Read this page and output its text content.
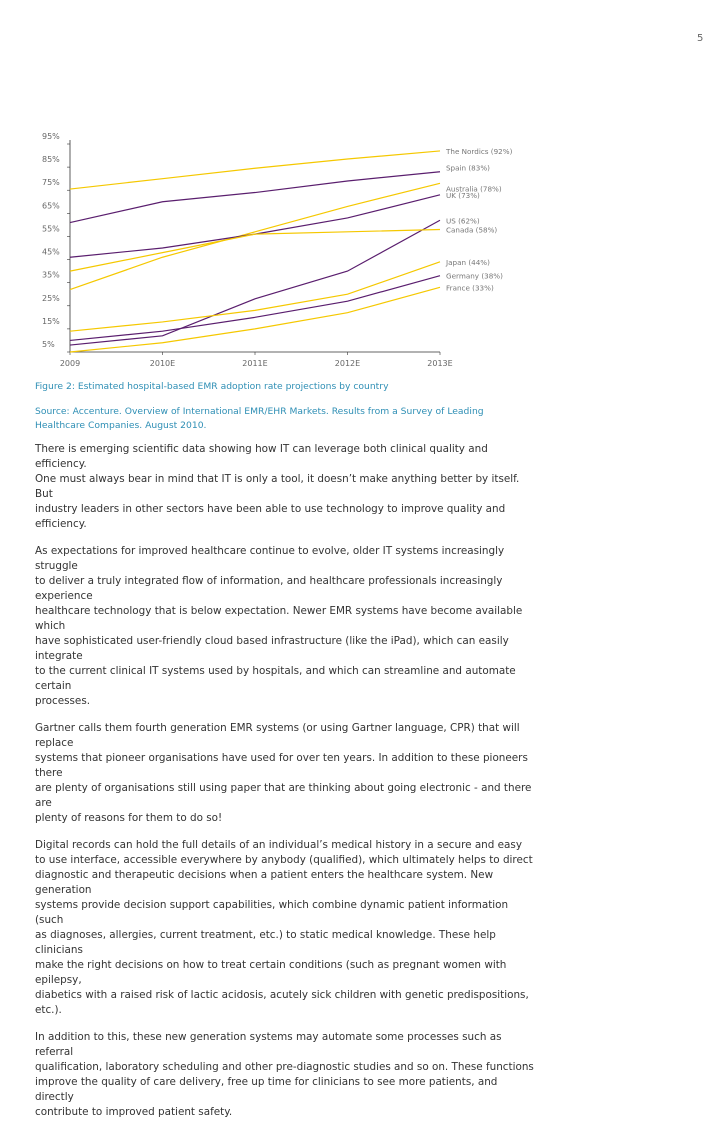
5
95%
85%
75%
65%
55%
45%
35%
25%
15%
5%
2009	2010E	2011E	2012E	2013E
The Nordics (92%)
Spain (83%)
Australia (78%)
UK (73%)
US (62%)
Canada (58%)
Japan (44%)
Germany (38%)
France (33%)
Figure 2: Estimated hospital-based EMR adoption rate projections by country
Source: Accenture. Overview of International EMR/EHR Markets. Results from a Survey of Leading Healthcare Companies. August 2010.

There is emerging scientific data showing how IT can leverage both clinical quality and efficiency.
One must always bear in mind that IT is only a tool, it doesn’t make anything better by itself. But
industry leaders in other sectors have been able to use technology to improve quality and efficiency.

As expectations for improved healthcare continue to evolve, older IT systems increasingly struggle
to deliver a truly integrated flow of information, and healthcare professionals increasingly experience
healthcare technology that is below expectation. Newer EMR systems have become available which
have sophisticated user-friendly cloud based infrastructure (like the iPad), which can easily integrate
to the current clinical IT systems used by hospitals, and which can streamline and automate certain
processes.

Gartner calls them fourth generation EMR systems (or using Gartner language, CPR) that will replace
systems that pioneer organisations have used for over ten years. In addition to these pioneers there
are plenty of organisations still using paper that are thinking about going electronic - and there are
plenty of reasons for them to do so!

Digital records can hold the full details of an individual’s medical history in a secure and easy
to use interface, accessible everywhere by anybody (qualified), which ultimately helps to direct
diagnostic and therapeutic decisions when a patient enters the healthcare system. New generation
systems provide decision support capabilities, which combine dynamic patient information (such
as diagnoses, allergies, current treatment, etc.) to static medical knowledge. These help clinicians
make the right decisions on how to treat certain conditions (such as pregnant women with epilepsy,
diabetics with a raised risk of lactic acidosis, acutely sick children with genetic predispositions, etc.).

In addition to this, these new generation systems may automate some processes such as referral
qualification, laboratory scheduling and other pre-diagnostic studies and so on. These functions
improve the quality of care delivery, free up time for clinicians to see more patients, and directly
contribute to improved patient safety.
